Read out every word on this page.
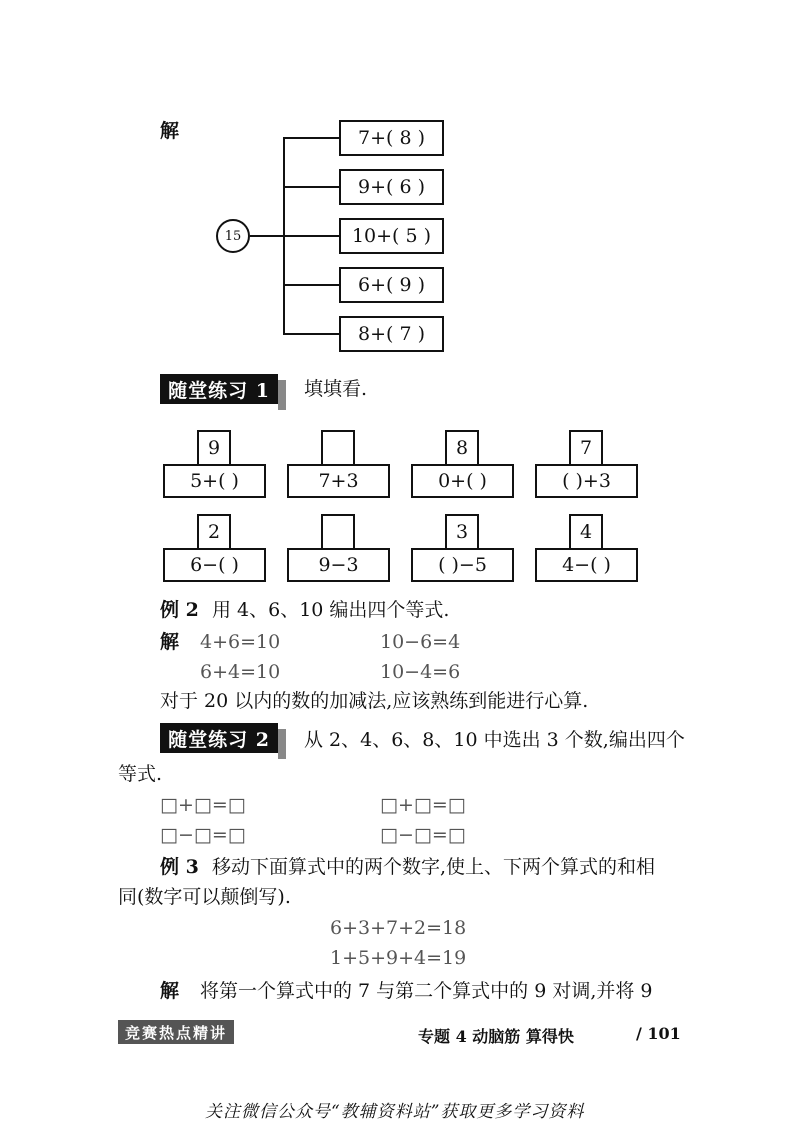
解
15
7+( 8 )
9+( 6 )
10+( 5 )
6+( 9 )
8+( 7 )
随堂练习 1	填填看.
9
5+( )	7+3
8
0+( )
7
( )+3
2
6−( )	9−3
3
( )−5
4
4−( )
例 2 用 4、6、10 编出四个等式.
解 4+6=10	10−6=4
6+4=10	10−4=6
对于 20 以内的数的加减法,应该熟练到能进行心算.
随堂练习 2	从 2、4、6、8、10 中选出 3 个数,编出四个
等式.
□+□=□	□+□=□
□−□=□	□−□=□
例 3 移动下面算式中的两个数字,使上、下两个算式的和相
同(数字可以颠倒写).
6+3+7+2=18
1+5+9+4=19
解 将第一个算式中的 7 与第二个算式中的 9 对调,并将 9
竞赛热点精讲	专题 4 动脑筋 算得快	/ 101
关注微信公众号“教辅资料站”获取更多学习资料
